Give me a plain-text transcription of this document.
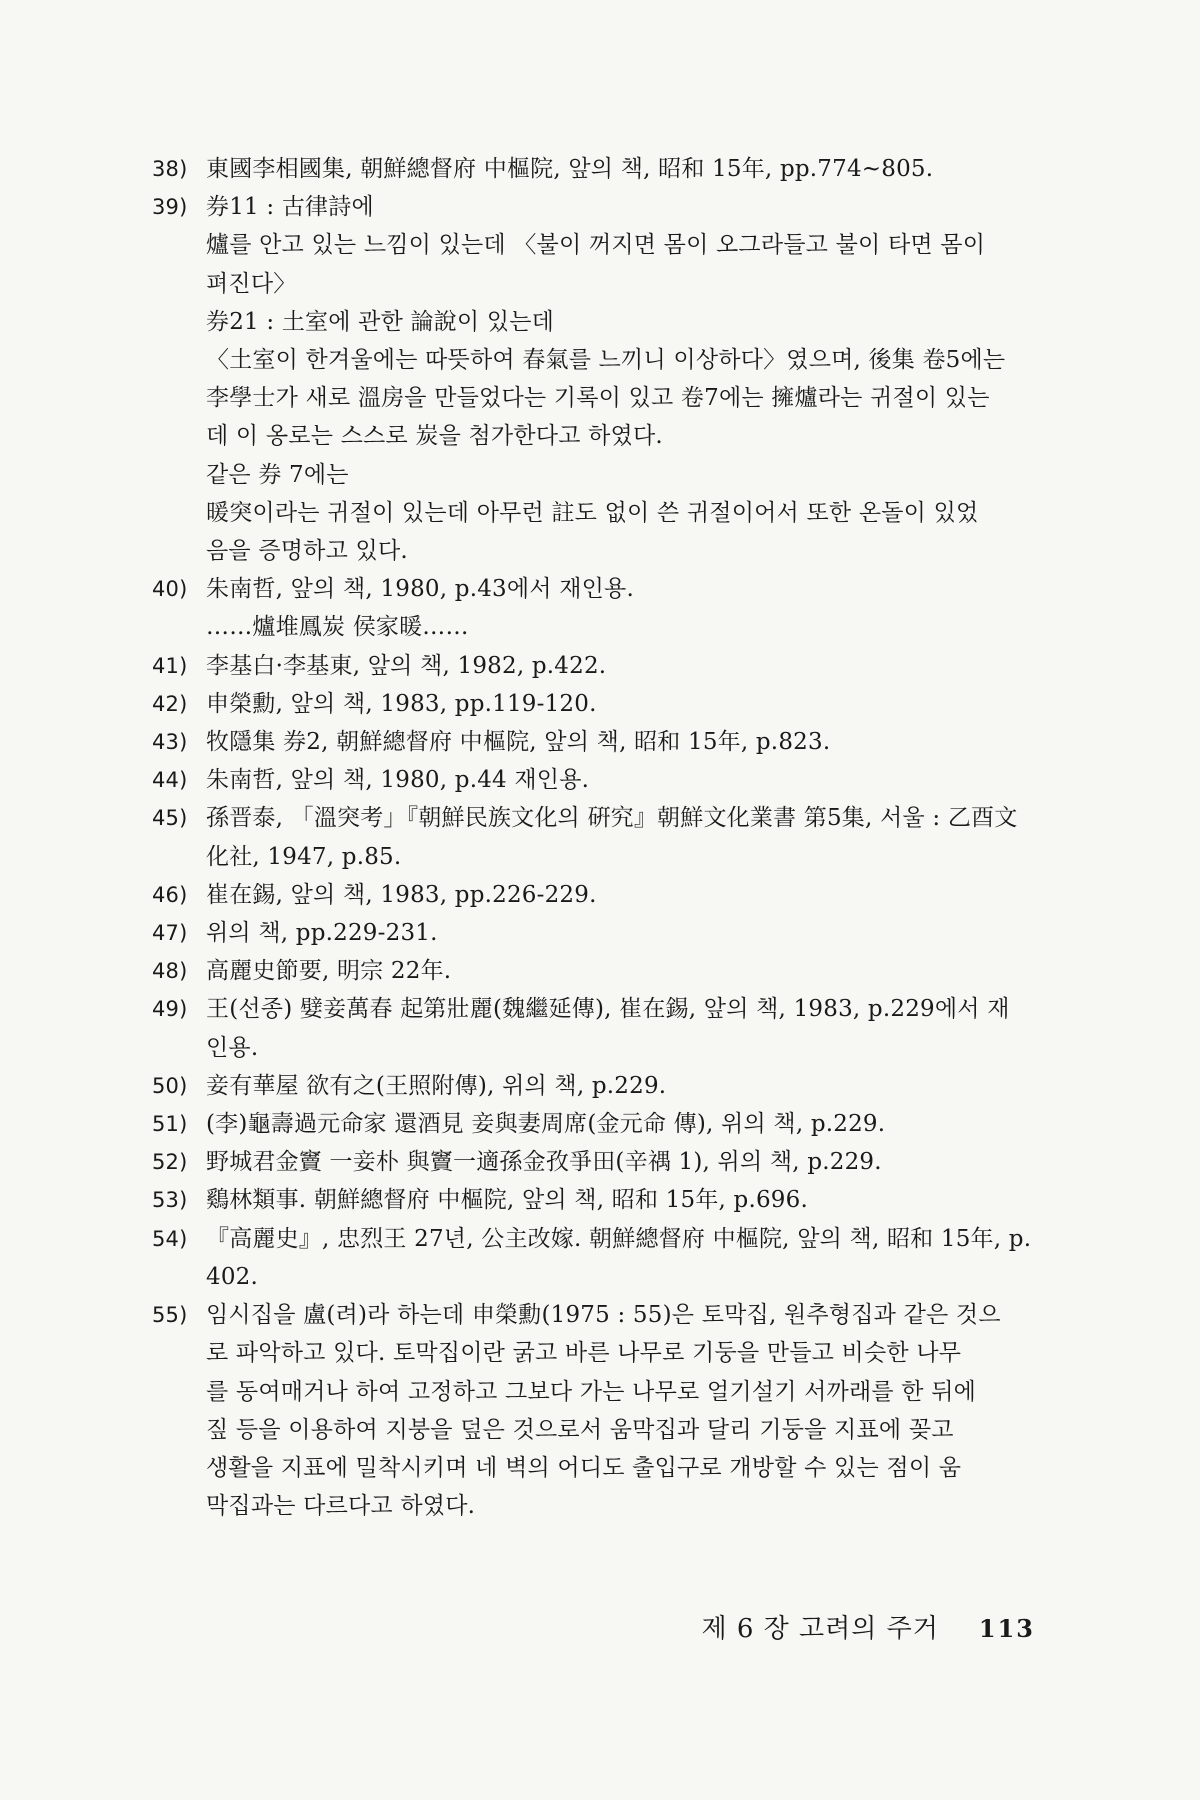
38) 東國李相國集, 朝鮮總督府 中樞院, 앞의 책, 昭和 15年, pp.774~805.
39) 券11 : 古律詩에
爐를 안고 있는 느낌이 있는데 〈불이 꺼지면 몸이 오그라들고 불이 타면 몸이
펴진다〉
券21 : 土室에 관한 論說이 있는데
〈土室이 한겨울에는 따뜻하여 春氣를 느끼니 이상하다〉였으며, 後集 卷5에는
李學士가 새로 溫房을 만들었다는 기록이 있고 卷7에는 擁爐라는 귀절이 있는
데 이 옹로는 스스로 炭을 첨가한다고 하였다.
같은 券 7에는
暖突이라는 귀절이 있는데 아무런 註도 없이 쓴 귀절이어서 또한 온돌이 있었
음을 증명하고 있다.
40) 朱南哲, 앞의 책, 1980, p.43에서 재인용.
……爐堆鳳炭 侯家暖……
41) 李基白·李基東, 앞의 책, 1982, p.422.
42) 申榮勳, 앞의 책, 1983, pp.119-120.
43) 牧隱集 券2, 朝鮮總督府 中樞院, 앞의 책, 昭和 15年, p.823.
44) 朱南哲, 앞의 책, 1980, p.44 재인용.
45) 孫晋泰, 「溫突考」『朝鮮民族文化의 硏究』朝鮮文化業書 第5集, 서울 : 乙酉文
化社, 1947, p.85.
46) 崔在錫, 앞의 책, 1983, pp.226-229.
47) 위의 책, pp.229-231.
48) 高麗史節要, 明宗 22年.
49) 王(선종) 嬖妾萬春 起第壯麗(魏繼延傳), 崔在錫, 앞의 책, 1983, p.229에서 재
인용.
50) 妾有華屋 欲有之(王照附傳), 위의 책, p.229.
51) (李)龜壽過元命家 還酒見 妾與妻周席(金元命 傳), 위의 책, p.229.
52) 野城君金竇 一妾朴 與竇一適孫金孜爭田(辛禑 1), 위의 책, p.229.
53) 鷄林類事. 朝鮮總督府 中樞院, 앞의 책, 昭和 15年, p.696.
54) 『高麗史』, 忠烈王 27년, 公主改嫁. 朝鮮總督府 中樞院, 앞의 책, 昭和 15年, p.
402.
55) 임시집을 盧(려)라 하는데 申榮勳(1975 : 55)은 토막집, 원추형집과 같은 것으
로 파악하고 있다. 토막집이란 굵고 바른 나무로 기둥을 만들고 비슷한 나무
를 동여매거나 하여 고정하고 그보다 가는 나무로 얼기설기 서까래를 한 뒤에
짚 등을 이용하여 지붕을 덮은 것으로서 움막집과 달리 기둥을 지표에 꽂고
생활을 지표에 밀착시키며 네 벽의 어디도 출입구로 개방할 수 있는 점이 움
막집과는 다르다고 하였다.
제 6 장 고려의 주거 113
